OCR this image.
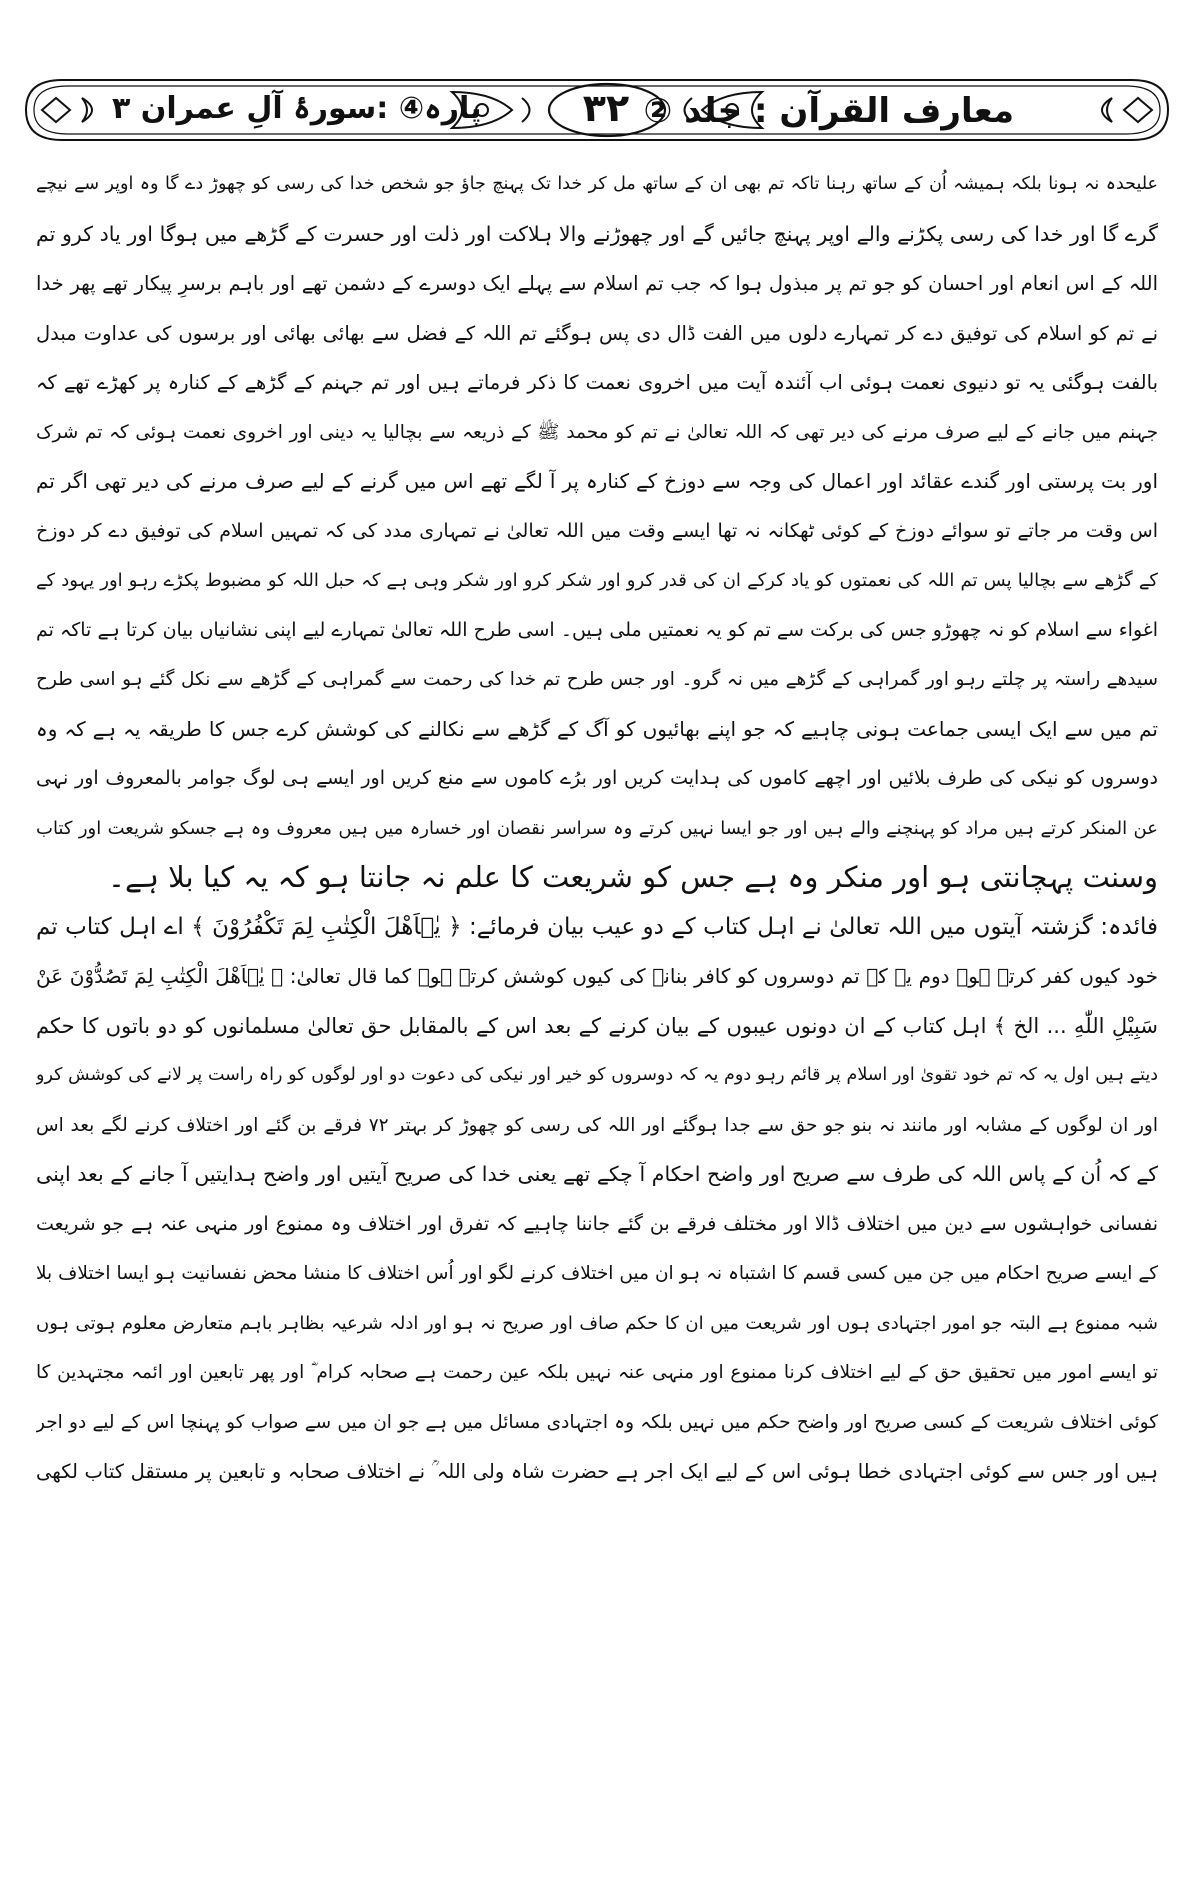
معارف القرآن : جلد ②
۳۲
پارہ④ :سورۂ آلِ عمران ۳
علیحدہ نہ ہونا بلکہ ہمیشہ اُن کے ساتھ رہنا تاکہ تم بھی ان کے ساتھ مل کر خدا تک پہنچ جاؤ جو شخص خدا کی رسی کو چھوڑ دے گا وہ اوپر سے نیچے
گرے گا اور خدا کی رسی پکڑنے والے اوپر پہنچ جائیں گے اور چھوڑنے والا ہلاکت اور ذلت اور حسرت کے گڑھے میں ہوگا اور یاد کرو تم
اللہ کے اس انعام اور احسان کو جو تم پر مبذول ہوا کہ جب تم اسلام سے پہلے ایک دوسرے کے دشمن تھے اور باہم برسرِ پیکار تھے پھر خدا
نے تم کو اسلام کی توفیق دے کر تمہارے دلوں میں الفت ڈال دی پس ہوگئے تم اللہ کے فضل سے بھائی بھائی اور برسوں کی عداوت مبدل
بالفت ہوگئی یہ تو دنیوی نعمت ہوئی اب آئندہ آیت میں اخروی نعمت کا ذکر فرماتے ہیں اور تم جہنم کے گڑھے کے کنارہ پر کھڑے تھے کہ
جہنم میں جانے کے لیے صرف مرنے کی دیر تھی کہ اللہ تعالیٰ نے تم کو محمد ﷺ کے ذریعہ سے بچالیا یہ دینی اور اخروی نعمت ہوئی کہ تم شرک
اور بت پرستی اور گندے عقائد اور اعمال کی وجہ سے دوزخ کے کنارہ پر آ لگے تھے اس میں گرنے کے لیے صرف مرنے کی دیر تھی اگر تم
اس وقت مر جاتے تو سوائے دوزخ کے کوئی ٹھکانہ نہ تھا ایسے وقت میں اللہ تعالیٰ نے تمہاری مدد کی کہ تمہیں اسلام کی توفیق دے کر دوزخ
کے گڑھے سے بچالیا پس تم اللہ کی نعمتوں کو یاد کرکے ان کی قدر کرو اور شکر کرو اور شکر وہی ہے کہ حبل اللہ کو مضبوط پکڑے رہو اور یہود کے
اغواء سے اسلام کو نہ چھوڑو جس کی برکت سے تم کو یہ نعمتیں ملی ہیں۔ اسی طرح اللہ تعالیٰ تمہارے لیے اپنی نشانیاں بیان کرتا ہے تاکہ تم
سیدھے راستہ پر چلتے رہو اور گمراہی کے گڑھے میں نہ گرو۔ اور جس طرح تم خدا کی رحمت سے گمراہی کے گڑھے سے نکل گئے ہو اسی طرح
تم میں سے ایک ایسی جماعت ہونی چاہیے کہ جو اپنے بھائیوں کو آگ کے گڑھے سے نکالنے کی کوشش کرے جس کا طریقہ یہ ہے کہ وہ
دوسروں کو نیکی کی طرف بلائیں اور اچھے کاموں کی ہدایت کریں اور برُے کاموں سے منع کریں اور ایسے ہی لوگ جوامر بالمعروف اور نہی
عن المنکر کرتے ہیں مراد کو پہنچنے والے ہیں اور جو ایسا نہیں کرتے وہ سراسر نقصان اور خسارہ میں ہیں معروف وہ ہے جسکو شریعت اور کتاب
وسنت پہچانتی ہو اور منکر وہ ہے جس کو شریعت کا علم نہ جانتا ہو کہ یہ کیا بلا ہے۔
فائدہ: گزشتہ آیتوں میں اللہ تعالیٰ نے اہل کتاب کے دو عیب بیان فرمائے: ﴿ يٰۤاَهْلَ الْكِتٰبِ لِمَ تَكْفُرُوْنَ ﴾ اے اہل کتاب تم
خود کیوں کفر کرتے ہو۔ دوم یہ کہ تم دوسروں کو کافر بنانے کی کیوں کوشش کرتے ہو۔ کما قال تعالیٰ: ﴿ يٰۤاَهْلَ الْكِتٰبِ لِمَ تَصُدُّوْنَ عَنْ
سَبِيْلِ اللّٰهِ ... الخ ﴾ اہل کتاب کے ان دونوں عیبوں کے بیان کرنے کے بعد اس کے بالمقابل حق تعالیٰ مسلمانوں کو دو باتوں کا حکم
دیتے ہیں اول یہ کہ تم خود تقویٰ اور اسلام پر قائم رہو دوم یہ کہ دوسروں کو خیر اور نیکی کی دعوت دو اور لوگوں کو راہ راست پر لانے کی کوشش کرو
اور ان لوگوں کے مشابہ اور مانند نہ بنو جو حق سے جدا ہوگئے اور اللہ کی رسی کو چھوڑ کر بہتر ۷۲ فرقے بن گئے اور اختلاف کرنے لگے بعد اس
کے کہ اُن کے پاس اللہ کی طرف سے صریح اور واضح احکام آ چکے تھے یعنی خدا کی صریح آیتیں اور واضح ہدایتیں آ جانے کے بعد اپنی
نفسانی خواہشوں سے دین میں اختلاف ڈالا اور مختلف فرقے بن گئے جاننا چاہیے کہ تفرق اور اختلاف وہ ممنوع اور منہی عنہ ہے جو شریعت
کے ایسے صریح احکام میں جن میں کسی قسم کا اشتباہ نہ ہو ان میں اختلاف کرنے لگو اور اُس اختلاف کا منشا محض نفسانیت ہو ایسا اختلاف بلا
شبہ ممنوع ہے البتہ جو امور اجتہادی ہوں اور شریعت میں ان کا حکم صاف اور صریح نہ ہو اور ادلہ شرعیہ بظاہر باہم متعارض معلوم ہوتی ہوں
تو ایسے امور میں تحقیق حق کے لیے اختلاف کرنا ممنوع اور منہی عنہ نہیں بلکہ عین رحمت ہے صحابہ کرام ؓ اور پھر تابعین اور ائمہ مجتہدین کا
کوئی اختلاف شریعت کے کسی صریح اور واضح حکم میں نہیں بلکہ وہ اجتہادی مسائل میں ہے جو ان میں سے صواب کو پہنچا اس کے لیے دو اجر
ہیں اور جس سے کوئی اجتہادی خطا ہوئی اس کے لیے ایک اجر ہے حضرت شاہ ولی اللہ ؒ نے اختلاف صحابہ و تابعین پر مستقل کتاب لکھی
